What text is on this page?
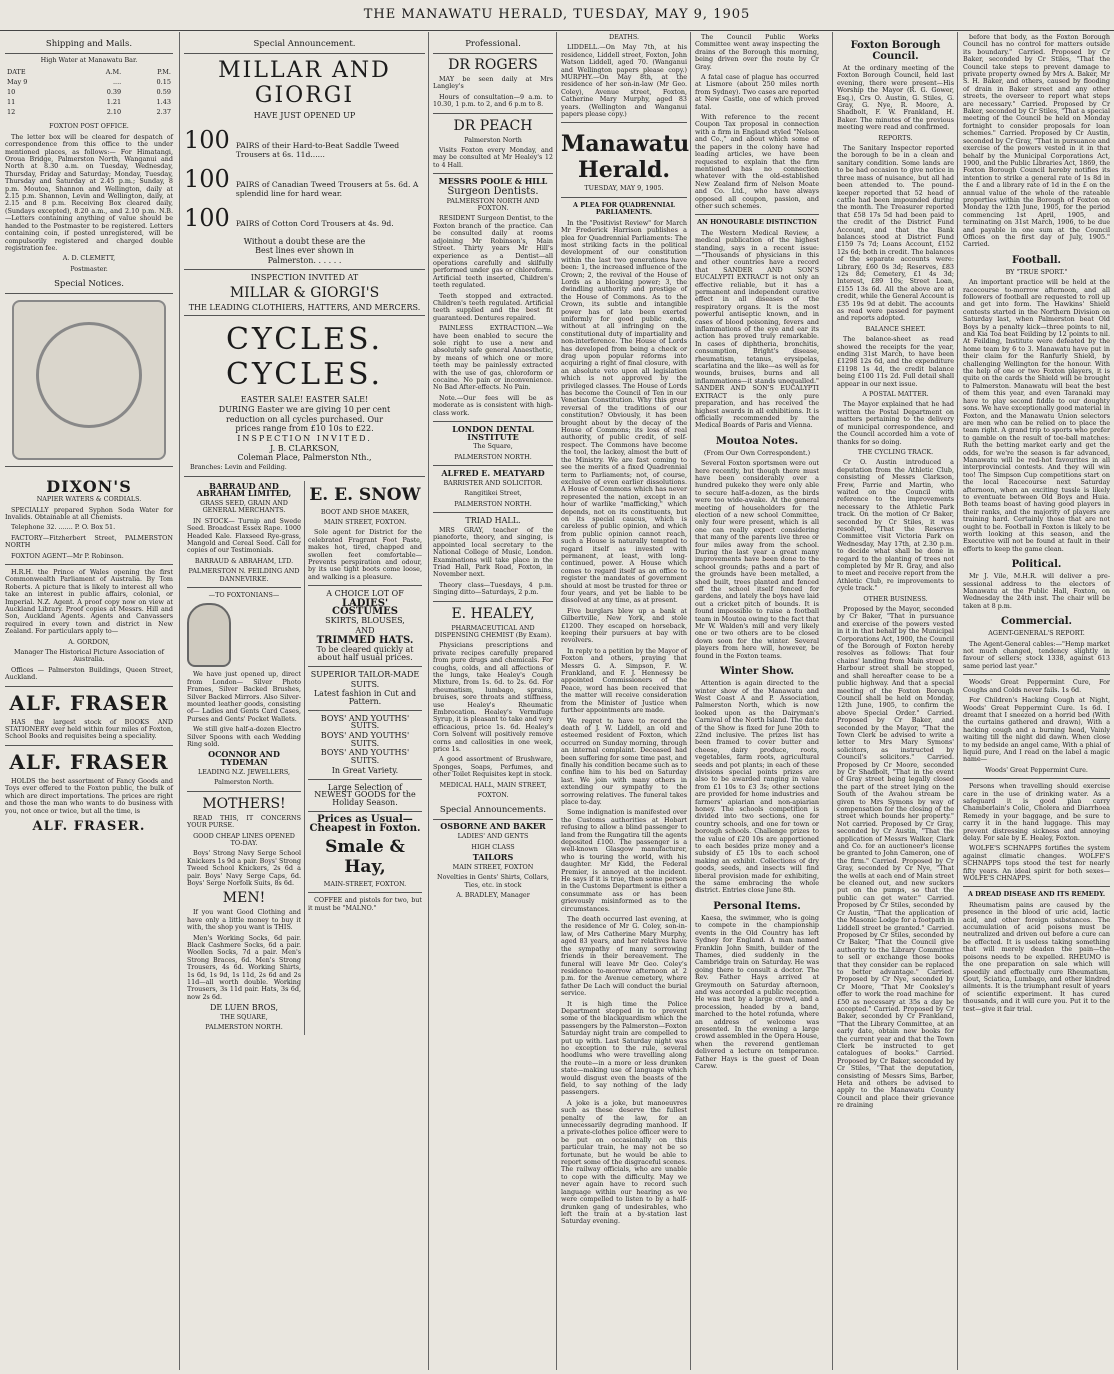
THE MANAWATU HERALD, TUESDAY, MAY 9, 1905
Shipping and Mails.

High Water at Manawatu Bar.

DATE	A.M.	P.M.
May 9	....	0.15
10	0.39	0.59
11	1.21	1.43
12	2.10	2.37

FOXTON POST OFFICE.

The letter box will be cleared for despatch of correspondence from this office to the under mentioned places, as follows:— For Himatangi, Oroua Bridge, Palmerston North, Wanganui and North at 8.30 a.m. on Tuesday, Wednesday, Thursday, Friday and Saturday; Monday, Tuesday, Thursday and Saturday at 2.45 p.m.; Sunday, 8 p.m. Moutoa, Shannon and Wellington, daily at 2.15 p.m. Shannon, Levin and Wellington, daily, at 2.15 and 8 p.m. Receiving Box cleared daily, (Sundays excepted), 8.20 a.m., and 2.10 p.m. N.B.—Letters containing anything of value should be handed to the Postmaster to be registered. Letters containing coin, if posted unregistered, will be compulsorily registered and charged double registration fee.

A. D. CLEMETT,

Postmaster.

Special Notices.
DIXON'S

NAPIER WATERS & CORDIALS.

SPECIALLY prepared Syphon Soda Water for Invalids. Obtainable at all Chemists.

Telephone 32. ....... P. O. Box 51.

FACTORY—Fitzherbert Street, PALMERSTON NORTH

FOXTON AGENT—Mr P. Robinson.

H.R.H. the Prince of Wales opening the first Commonwealth Parliament of Australia. By Tom Roberts. A picture that is likely to interest all who take an interest in public affairs, colonial, or Imperial. N.Z. Agent. A proof copy now on view at Auckland Library. Proof copies at Messrs. Hill and Son, Auckland Agents. Agents and Canvassers required in every town and district in New Zealand. For particulars apply to—

A. GORDON,

Manager The Historical Picture Association of Australia.

Offices — Palmerston Buildings, Queen Street, Auckland.

ALF. FRASER

HAS the largest stock of BOOKS AND STATIONERY ever held within four miles of Foxton, School Books and requisites being a speciality.

ALF. FRASER

HOLDS the best assortment of Fancy Goods and Toys ever offered to the Foxton public, the bulk of which are direct importations. The prices are right and those the man who wants to do business with you, not once or twice, but all the time, is

ALF. FRASER.
Special Announcement.
MILLAR AND GIORGI

HAVE JUST OPENED UP

100 PAIRS of their Hard-to-Beat Saddle Tweed Trousers at 6s. 11d......
100 PAIRS of Canadian Tweed Trousers at 5s. 6d. A splendid line for hard wear.
100 PAIRS of Cotton Cord Trousers at 4s. 9d.

Without a doubt these are the

Best lines ever shown in

Palmerston. . . . . .

INSPECTION INVITED AT

MILLAR & GIORGI'S

THE LEADING CLOTHIERS, HATTERS, AND MERCERS.

CYCLES. CYCLES.

EASTER SALE! EASTER SALE!

DURING Easter we are giving 10 per cent

reduction on all cycles purchased. Our

prices range from £10 10s to £22.

INSPECTION INVITED.

J. B. CLARKSON,

Coleman Place, Palmerston Nth.,

Branches: Levin and Feilding.

BARRAUD AND ABRAHAM LIMITED,

GRASS SEED, GRAIN AND GENERAL MERCHANTS.

IN STOCK— Turnip and Swede Seed. Broadcast Essex Rape. 1000 Headed Kale. Flaxseed Rye-grass, Mangold and Cereal Seed. Call for copies of our Testimonials.

BARRAUD & ABRAHAM, LTD.

PALMERSTON N. FEILDING AND DANNEVIRKE.

—TO FOXTONIANS—

We have just opened up, direct from London— Silver Photo Frames, Silver Backed Brushes, Silver Backed Mirrors. Also Silver-mounted leather goods, consisting of— Ladies and Gents Card Cases, Purses and Gents' Pocket Wallets.

We still give half-a-dozen Electro Silver Spoons with each Wedding Ring sold.

OCONNOR AND TYDEMAN

LEADING N.Z. JEWELLERS,

Palmerston North.

MOTHERS!

READ THIS, IT CONCERNS YOUR PURSE.

GOOD CHEAP LINES OPENED TO-DAY.

Boys' Strong Navy Serge School Knickers 1s 9d a pair. Boys' Strong Tweed School Knickers, 2s 6d a pair. Boys' Navy Serge Caps, 6d. Boys' Serge Norfolk Suits, 8s 6d.

MEN!

If you want Good Clothing and have only a little money to buy it with, the shop you want is THIS.

Men's Working Socks, 6d pair. Black Cashmere Socks, 6d a pair. Woollen Socks, 7d a pair. Men's Strong Braces, 6d. Men's Strong Trousers, 4s 6d. Working Shirts, 1s 6d, 1s 9d, 1s 11d, 2s 6d and 2s 11d—all worth double. Working Trousers, 3s 11d pair. Hats, 3s 6d, now 2s 6d.

DE LUEN BROS,

THE SQUARE,

PALMERSTON NORTH.

E. E. SNOW

BOOT AND SHOE MAKER,

MAIN STREET, FOXTON.

Sole agent for District for the celebrated Fragrant Foot Paste, makes hot, tired, chapped and swollen feet comfortable—Prevents perspiration and odour, by its use tight boots come loose, and walking is a pleasure.

A CHOICE LOT OF

LADIES' COSTUMES

SKIRTS, BLOUSES,

AND

TRIMMED HATS.

To be cleared quickly at about half usual prices.

SUPERIOR TAILOR-MADE

SUITS.

Latest fashion in Cut and Pattern.

BOYS' AND YOUTHS' SUITS.

BOYS' AND YOUTHS' SUITS.

BOYS' AND YOUTHS' SUITS.

In Great Variety.

Large Selection of NEWEST GOODS for the Holiday Season.

Prices as Usual—

Cheapest in Foxton.

Smale & Hay,

MAIN-STREET, FOXTON.

COFFEE and pistols for two, but it must be "MALNO."

Professional.
DR ROGERS

MAY be seen daily at Mrs Langley's

Hours of consultation—9 a.m. to 10.30, 1 p.m. to 2, and 6 p.m to 8.

DR PEACH

Palmerston North

Visits Foxton every Monday, and may be consulted at Mr Healey's 12 to 4 Hall.

MESSRS POOLE & HILL

Surgeon Dentists.

PALMERSTON NORTH AND FOXTON.

RESIDENT Surgeon Dentist, to the Foxton branch of the practice. Can be consulted daily at rooms adjoining Mr Robinson's, Main Street. Thirty years Mr Hill's experience as a Dentist—all operations carefully and skilfully performed under gas or chloroform. Artificial teeth inserted, Children's teeth regulated.

Teeth stopped and extracted. Children's teeth regulated. Artificial teeth supplied and the best fit guaranteed. Dentures repaired.

PAINLESS EXTRACTION.—We have been enabled to secure the sole right to use a new and absolutely safe general Anaesthetic, by means of which one or more teeth may be painlessly extracted with the use of gas, chloroform or cocaine. No pain or inconvenience. No Bad After-effects. No Pain.

Note.—Our fees will be as moderate as is consistent with high-class work.

LONDON DENTAL INSTITUTE

The Square,

PALMERSTON NORTH.

ALFRED E. MEATYARD

BARRISTER AND SOLICITOR.

Rangitikei Street,

PALMERSTON NORTH.

TRIAD HALL.

MRS GRAY, teacher of the pianoforte, theory, and singing, is appointed local secretary to the National College of Music, London. Examinations will take place in the Triad Hall, Park Road, Foxton, in November next.

Theory class—Tuesdays, 4 p.m. Singing ditto—Saturdays, 2 p.m.

E. HEALEY,

PHARMACEUTICAL AND DISPENSING CHEMIST (By Exam).

Physicians prescriptions and private recipes carefully prepared from pure drugs and chemicals. For coughs, colds, and all affections of the lungs, take Healey's Cough Mixture, from 1s. 6d. to 2s. 6d. For rheumatism, lumbago, sprains, bruises, sore throats and stiffness, use Healey's Rheumatic Embrocation. Healey's Vermifuge Syrup, it is pleasant to take and very efficacious, price 1s. 6d. Healey's Corn Solvent will positively remove corns and callosities in one week, price 1s.

A good assortment of Brushware, Sponges, Soaps, Perfumes, and other Toilet Requisites kept in stock.

MEDICAL HALL, MAIN STREET,

FOXTON.

Special Announcements.

OSBORNE AND BAKER

LADIES' AND GENTS

HIGH CLASS

TAILORS

MAIN STREET, FOXTON

Novelties in Gents' Shirts, Collars, Ties, etc. in stock

A. BRADLEY, Manager

DEATHS.

LIDDELL.—On May 7th, at his residence, Liddell street, Foxton, John Watson Liddell, aged 70. (Wanganui and Wellington papers please copy.) MURPHY.—On May 8th, at the residence of her son-in-law (Mr Geo. Coley), Avenue street, Foxton, Catherine Mary Murphy, aged 83 years. (Wellington and Wanganui papers please copy.)

Manawatu Herald.

TUESDAY, MAY 9, 1905.

A PLEA FOR QUADRENNIAL PARLIAMENTS.

In the "Positivist Review" for March Mr Frederick Harrison publishes a plea for Quadrennial Parliaments: The most striking facts in the political development of our constitution within the last two generations have been: 1, the increased influence of the Crown; 2, the revival of the House of Lords as a blocking power; 3, the dwindling authority and prestige of the House of Commons. As to the Crown, its subtle and intangible power has of late been exerted uniformly for good public ends, without at all infringing on the constitutional duty of impartiality and non-interference. The House of Lords has developed from being a check or drag upon popular reforms into acquiring a right of final closure, with an absolute veto upon all legislation which is not approved by the privileged classes. The House of Lords has become the Council of Ten in our Venetian Constitution. Why this great reversal of the traditions of our constitution? Obviously, it has been brought about by the decay of the House of Commons; its loss of real authority, of public credit, of self-respect. The Commons have become the tool, the lackey, almost the butt of the Ministry. We are fast coming to see the merits of a fixed Quadrennial term to Parliaments; not, of course, exclusive of even earlier dissolutions. A House of Commons which has never represented the nation, except in an hour of warlike "mafficking," which depends, not on its constituents, but on its special caucus, which is careless of public opinion, and which from public opinion cannot reach, such a House is naturally tempted to regard itself as invested with permanent, at least, with long-continued, power. A House which comes to regard itself as an office to register the mandates of government should at most be trusted for three or four years, and yet be liable to be dissolved at any time, as at present.

Five burglars blew up a bank at Gilbertville, New York, and stole £1200. They escaped on horseback, keeping their pursuers at bay with revolvers.

In reply to a petition by the Mayor of Foxton and others, praying that Messrs G. A. Simpson, F. W. Frankland, and F. J. Hennessy be appointed Commissioners of the Peace, word has been received that the matter will receive consideration from the Minister of Justice when further appointments are made.

We regret to have to record the death of J. W. Liddell, an old and esteemed resident of Foxton, which occurred on Sunday morning, through an internal complaint. Deceased had been suffering for some time past, and finally his condition became such as to confine him to his bed on Saturday last. We join with many others in extending our sympathy to the sorrowing relatives. The funeral takes place to-day.

Some indignation is manifested over the Customs authorities at Hobart refusing to allow a blind passenger to land from the Rungatira till the agents deposited £100. The passenger is a well-known Glasgow manufacturer, who is touring the world, with his daughter. Mr Kidd, the Federal Premier, is annoyed at the incident. He says if it is true, then some person in the Customs Department is either a consummate ass or has been grievously misinformed as to the circumstances.

The death occurred last evening, at the residence of Mr G. Coley, son-in-law, of Mrs Catherine Mary Murphy, aged 83 years, and her relatives have the sympathy of many sorrowing friends in their bereavement. The funeral will leave Mr Geo. Coley's residence to-morrow afternoon at 2 p.m. for the Avenue cemetery, where father De Lach will conduct the burial service.

It is high time the Police Department stepped in to prevent some of the blackguardism which the passengers by the Palmerston—Foxton Saturday night train are compelled to put up with. Last Saturday night was no exception to the rule, several hoodlums who were travelling along the route—in a more or less drunken state—making use of language which would disgust even the beasts of the field, to say nothing of the lady passengers.

A joke is a joke, but manoeuvres such as these deserve the fullest penalty of the law, for an unnecessarily degrading manhood. If a private-clothes police officer were to be put on occasionally on this particular train, he may not be so fortunate, but he would be able to report some of the disgraceful scenes. The railway officials, who are unable to cope with the difficulty. May we never again have to record such language within our hearing as we were compelled to listen to by a half-drunken gang of undesirables, who left the train at a by-station last Saturday evening.

The Council Public Works Committee went away inspecting the drains of the Borough this morning, being driven over the route by Cr Gray.

A fatal case of plague has occurred at Lismore (about 250 miles north from Sydney). Two cases are reported at New Castle, one of which proved fatal.

With reference to the recent Coupon Tax proposal in connection with a firm in England styled "Nelson and Co.," and about which some of the papers in the colony have had leading articles, we have been requested to explain that the firm mentioned has no connection whatever with the old-established New Zealand firm of Nelson Moate and Co. Ltd., who have always opposed all coupon, passion, and other such schemes.

AN HONOURABLE DISTINCTION

The Western Medical Review, a medical publication of the highest standing, says in a recent issue:—"Thousands of physicians in this and other countries have a record that SANDER AND SON'S EUCALYPTI EXTRACT is not only an effective reliable, but it has a permanent and independent curative effect in all diseases of the respiratory organs. It is the most powerful antiseptic known, and in cases of blood poisoning, fevers and inflammations of the eye and ear its action has proved truly remarkable. In cases of diphtheria, bronchitis, consumption, Bright's disease, rheumatism, tetanus, erysipelas, scarlatina and the like—as well as for wounds, bruises, burns and all inflammations—it stands unequalled." SANDER AND SON'S EUCALYPTI EXTRACT is the only pure preparation, and has received the highest awards in all exhibitions. It is officially recommended by the Medical Boards of Paris and Vienna.

Moutoa Notes.

(From Our Own Correspondent.)

Several Foxton sportsmen were out here recently, but though there must have been considerably over a hundred pukeko they were only able to secure half-a-dozen, as the birds were too wide-awake. At the general meeting of householders for the election of a new school Committee, only four were present, which is all one can really expect considering that many of the parents live three or four miles away from the school. During the last year a great many improvements have been done to the school grounds; paths and a part of the grounds have been metalled, a shed built, trees planted and fenced off the school itself fenced for gardens, and lately the boys have laid out a cricket pitch of bounds. It is found impossible to raise a football team in Moutoa owing to the fact that Mr W. Walden's mill and very likely one or two others are to be closed down soon for the winter. Several players from here will, however, be found in the Foxton teams.

Winter Show.

Attention is again directed to the winter show of the Manawatu and West Coast A and P. Association, Palmerston North, which is now looked upon as the Dairyman's Carnival of the North Island. The date of the Show is fixed for June 20th to 22nd inclusive. The prizes list has been framed to cover butter and cheese, dairy produce, roots, vegetables, farm roots, agricultural seeds and pot plants; in each of these divisions special points prizes are also to be awarded ranging in value from £1 10s to £3 3s; other sections are provided for home industries and farmers' apiarian and non-apiarian honey. The schools competition is divided into two sections, one for country schools, and one for town or borough schools. Challenge prizes to the value of £20 10s are apportioned to each besides prize money and a subsidy of £5 10s to each school making an exhibit. Collections of dry goods, seeds, and insects will find liberal provision made for exhibiting, the same embracing the whole district. Entries close June 8th.

Personal Items.

Kaesa, the swimmer, who is going to compete in the championship events in the Old Country has left Sydney for England. A man named Franklin John Smith, builder of the Thames, died suddenly in the Cambridge train on Saturday. He was going there to consult a doctor. The Rev. Father Hays arrived at Greymouth on Saturday afternoon, and was accorded a public reception. He was met by a large crowd, and a procession, headed by a band, marched to the hotel rotunda, where an address of welcome was presented. In the evening a large crowd assembled in the Opera House, when the reverend gentleman delivered a lecture on temperance. Father Hays is the guest of Dean Carew.

Foxton Borough Council.

At the ordinary meeting of the Foxton Borough Council, held last evening, there were present—His Worship the Mayor (R. G. Gower, Esq.), Crs O. Austin, G. Stiles, G. Gray, G. Nye, R. Moore, A. Shadbolt, F. W. Frankland, H. Baker. The minutes of the previous meeting were read and confirmed.

REPORTS.

The Sanitary Inspector reported the borough to be in a clean and sanitary condition. Some lands are to be had occasion to give notice in three mass of nuisance, but all had been attended to. The pound-keeper reported that 52 head of cattle had been impounded during the month. The Treasurer reported that £58 17s 5d had been paid to the credit of the District Fund Account, and that the Bank balances stood at District Fund £159 7s 7d; Loans Account, £152 12s 6d; both in credit. The balances of the separate accounts were: Library, £60 0s 3d; Reserves, £83 12s 8d; Cemetery, £1 4s 3d; Interest, £89 10s; Street Loan, £155 13s 6d. All the above are at credit, while the General Account is £35 19s 9d at debit. The accounts as read were passed for payment and reports adopted.

BALANCE SHEET.

The balance-sheet as read showed the receipts for the year, ending 31st March, to have been £1298 12s 6d, and the expenditure £1198 1s 4d, the credit balance being £100 11s 2d. Full detail shall appear in our next issue.

A POSTAL MATTER.

The Mayor explained that he had written the Postal Department on matters pertaining to the delivery of municipal correspondence, and the Council accorded him a vote of thanks for so doing.

THE CYCLING TRACK.

Cr O. Austin introduced a deputation from the Athletic Club, consisting of Messrs Clarkson, Frew, Parrie and Martin, who waited on the Council with reference to the improvements necessary to the Athletic Park track. On the motion of Cr Baker, seconded by Cr Stiles, it was resolved, "That the Reserves Committee visit Victoria Park on Wednesday, May 17th, at 2.30 p.m. to decide what shall be done in regard to the planting of trees not completed by Mr R. Gray, and also to meet and receive report from the Athletic Club, re improvements to cycle track."

OTHER BUSINESS.

Proposed by the Mayor, seconded by Cr Baker, "That in pursuance and exercise of the powers vested in it in that behalf by the Municipal Corporations Act, 1900, the Council of the Borough of Foxton hereby resolves as follows: That four chains' landing from Main street to Harbour street shall be stopped, and shall hereafter cease to be a public highway. And that a special meeting of the Foxton Borough Council shall be held on Monday, 12th June, 1905, to confirm the above Special Order." Carried. Proposed by Cr Baker, and seconded by the Mayor, "That the Town Clerk be advised to write a letter to Mrs Mary Symons' solicitors, as instructed by Council's solicitors." Carried. Proposed by Cr Moore, seconded by Cr Shadbolt, "That in the event of Gray street being legally closed the part of the street lying on the South of the Avahou stream be given to Mrs Symons by way of compensation for the closing of the street which bounds her property." Not carried. Proposed by Cr Gray, seconded by Cr Austin, "That the application of Messrs Walker, Clark and Co. for an auctioneer's license be granted to John Cameron, one of the firm." Carried. Proposed by Cr Gray, seconded by Cr Nye, "That the wells at each end of Main street be cleaned out, and new suckers put on the pumps, so that the public can get water." Carried. Proposed by Cr Stiles, seconded by Cr Austin, "That the application of the Masonic Lodge for a footpath in Liddell street be granted." Carried. Proposed by Cr Stiles, seconded by Cr Baker, "That the Council give authority to the Library Committee to sell or exchange those books that they consider can be replaced to better advantage." Carried. Proposed by Cr Nye, seconded by Cr Moore, "That Mr Cooksley's offer to work the road machine for £50 as necessary at 35s a day be accepted." Carried. Proposed by Cr Baker, seconded by Cr Frankland, "That the Library Committee, at an early date, obtain new books for the current year and that the Town Clerk be instructed to get catalogues of books." Carried. Proposed by Cr Baker, seconded by Cr Stiles, "That the deputation, consisting of Messrs Sims, Barber, Heta and others be advised to apply to the Manawatu County Council and place their grievance re draining

before that body, as the Foxton Borough Council has no control for matters outside its boundary." Carried. Proposed by Cr Baker, seconded by Cr Stiles, "That the Council take steps to prevent damage to private property owned by Mrs A. Baker, Mr S. H. Baker, and others, caused by flooding of drain in Baker street and any other streets, the overseer to report what steps are necessary." Carried. Proposed by Cr Baker, seconded by Cr Stiles, "That a special meeting of the Council be held on Monday fortnight to consider proposals for loan schemes." Carried. Proposed by Cr Austin, seconded by Cr Gray, "That in pursuance and exercise of the powers vested in it in that behalf by the Municipal Corporations Act, 1900, and the Public Libraries Act, 1869, the Foxton Borough Council hereby notifies its intention to strike a general rate of 1s 8d in the £ and a library rate of 1d in the £ on the annual value of the whole of the rateable properties within the Borough of Foxton on Monday the 12th June, 1905, for the period commencing 1st April, 1905, and terminating on 31st March, 1906, to be due and payable in one sum at the Council Offices on the first day of July, 1905." Carried.

Football.

BY "TRUE SPORT."

An important practice will be held at the racecourse to-morrow afternoon, and all followers of football are requested to roll up and get into form. The Hawkins' Shield contests started in the Northern Division on Saturday last, when Palmerston beat Old Boys by a penalty kick—three points to nil, and Kia Toa beat Feilding by 12 points to nil. At Feilding, Institute were defeated by the home team by 6 to 3. Manawatu have put in their claim for the Ranfurly Shield, by challenging Wellington for the honour. With the help of one or two Foxton players, it is quite on the cards the Shield will be brought to Palmerston. Manawatu will beat the best of them this year, and even Taranaki may have to play second fiddle to our doughty sons. We have exceptionally good material in Foxton, and the Manawatu Union selectors are men who can be relied on to place the team right. A grand trip to sports who prefer to gamble on the result of toe-ball matches: Ruth the betting market early and get the odds, for we're the season is far advanced, Manawatu will be red-hot favourites in all interprovincial contests. And they will win too! The Simpson Cup competitions start on the local Racecourse next Saturday afternoon, when an exciting tussle is likely to eventuate between Old Boys and Huia. Both teams boast of having good players in their ranks, and the majority of players are training hard. Certainly those that are not ought to be. Football in Foxton is likely to be worth looking at this season, and the Executive will not be found at fault in their efforts to keep the game clean.

Political.

Mr J. Vile, M.H.R. will deliver a pre-sessional address to the electors of Manawatu at the Public Hall, Foxton, on Wednesday the 24th inst. The chair will be taken at 8 p.m.

Commercial.

AGENT-GENERAL'S REPORT.

The Agent-General cables:—"Hemp market not much changed, tendency slightly in favour of sellers; stock 1338, against 613 same period last year."

Woods' Great Peppermint Cure, For Coughs and Colds never fails. 1s 6d.

For Children's Hacking Cough at Night, Woods' Great Peppermint Cure. 1s 6d. I dreamt that I sneezed on a horrid bed (With the curtains gathered and drawn), With a hacking cough and a burning head, Vainly waiting till the night did dawn. When close to my bedside an angel came, With a phial of liquid pure, And I read on the label a magic name—

Woods' Great Peppermint Cure.

Persons when travelling should exercise care in the use of drinking water. As a safeguard it is good plan carry Chamberlain's Colic, Cholera and Diarrhoea Remedy in your baggage, and be sure to carry it in the hand luggage. This may prevent distressing sickness and annoying delay. For sale by E. Healey, Foxton.

WOLFE'S SCHNAPPS fortifies the system against climatic changes. WOLFE'S SCHNAPPS tops stood the test for nearly fifty years. An ideal spirit for both sexes—WOLFE'S CHNAPPS.

A DREAD DISEASE AND ITS REMEDY.

Rheumatism pains are caused by the presence in the blood of uric acid, lactic acid, and other foreign substances. The accumulation of acid poisons must be neutralized and driven out before a cure can be effected. It is useless taking something that will merely deaden the pain—the poisons needs to be expelled. RHEUMO is the one preparation on sale which will speedily and effectually cure Rheumatism, Gout, Sciatica, Lumbago, and other kindred ailments. It is the triumphant result of years of scientific experiment. It has cured thousands, and it will cure you. Put it to the test—give it fair trial.
